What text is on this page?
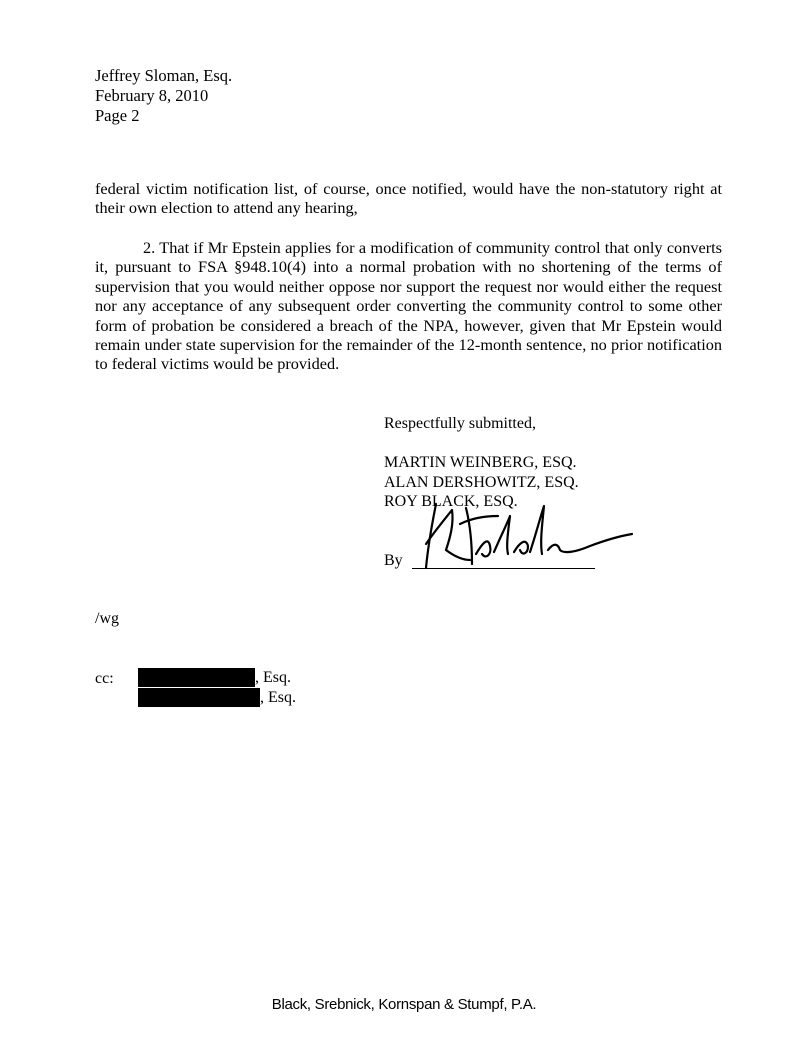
Jeffrey Sloman, Esq.
February 8, 2010
Page 2
federal victim notification list, of course, once notified, would have the non-statutory right at their own election to attend any hearing,
2. That if Mr Epstein applies for a modification of community control that only converts it, pursuant to FSA §948.10(4) into a normal probation with no shortening of the terms of supervision that you would neither oppose nor support the request nor would either the request nor any acceptance of any subsequent order converting the community control to some other form of probation be considered a breach of the NPA, however, given that Mr Epstein would remain under state supervision for the remainder of the 12-month sentence, no prior notification to federal victims would be provided.
Respectfully submitted,
MARTIN WEINBERG, ESQ.
ALAN DERSHOWITZ, ESQ.
ROY BLACK, ESQ.
By
/wg
cc:	, Esq.
, Esq.
Black, Srebnick, Kornspan & Stumpf, P.A.
